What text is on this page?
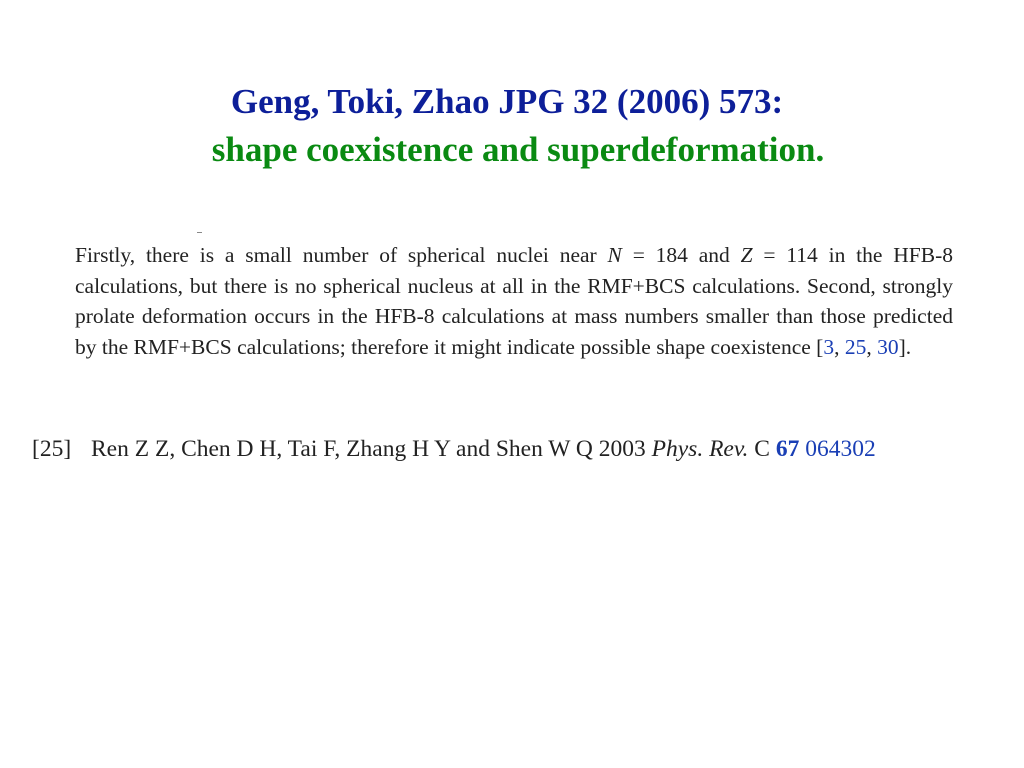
Geng, Toki, Zhao JPG 32 (2006) 573:
shape coexistence and superdeformation.
Firstly, there is a small number of spherical nuclei near N = 184 and Z = 114 in the HFB-8 calculations, but there is no spherical nucleus at all in the RMF+BCS calculations. Second, strongly prolate deformation occurs in the HFB-8 calculations at mass numbers smaller than those predicted by the RMF+BCS calculations; therefore it might indicate possible shape coexistence [3, 25, 30].
[25] Ren Z Z, Chen D H, Tai F, Zhang H Y and Shen W Q 2003 Phys. Rev. C 67 064302
